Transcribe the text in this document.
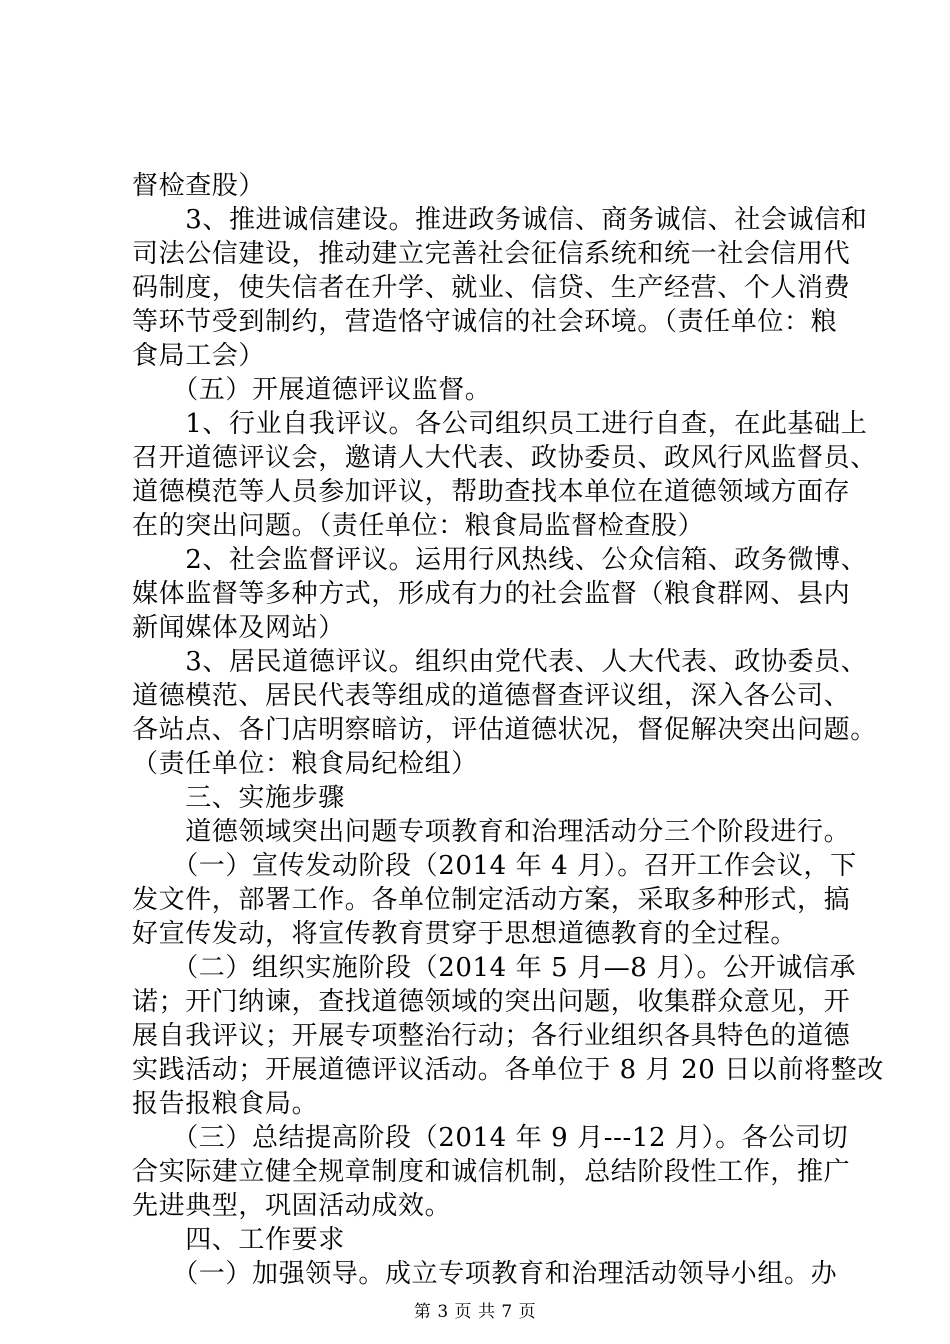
督检查股）
　　3、推进诚信建设。推进政务诚信、商务诚信、社会诚信和
司法公信建设，推动建立完善社会征信系统和统一社会信用代
码制度，使失信者在升学、就业、信贷、生产经营、个人消费
等环节受到制约，营造恪守诚信的社会环境。（责任单位：粮
食局工会）
　　（五）开展道德评议监督。
　　1、行业自我评议。各公司组织员工进行自查，在此基础上
召开道德评议会，邀请人大代表、政协委员、政风行风监督员、
道德模范等人员参加评议，帮助查找本单位在道德领域方面存
在的突出问题。（责任单位：粮食局监督检查股）
　　2、社会监督评议。运用行风热线、公众信箱、政务微博、
媒体监督等多种方式，形成有力的社会监督（粮食群网、县内
新闻媒体及网站）
　　3、居民道德评议。组织由党代表、人大代表、政协委员、
道德模范、居民代表等组成的道德督查评议组，深入各公司、
各站点、各门店明察暗访，评估道德状况，督促解决突出问题。
（责任单位：粮食局纪检组）
　　三、实施步骤
　　道德领域突出问题专项教育和治理活动分三个阶段进行。
　　（一）宣传发动阶段（2014 年 4 月）。召开工作会议，下
发文件，部署工作。各单位制定活动方案，采取多种形式，搞
好宣传发动，将宣传教育贯穿于思想道德教育的全过程。
　　（二）组织实施阶段（2014 年 5 月—8 月）。公开诚信承
诺；开门纳谏，查找道德领域的突出问题，收集群众意见，开
展自我评议；开展专项整治行动；各行业组织各具特色的道德
实践活动；开展道德评议活动。各单位于 8 月 20 日以前将整改
报告报粮食局。
　　（三）总结提高阶段（2014 年 9 月---12 月）。各公司切
合实际建立健全规章制度和诚信机制，总结阶段性工作，推广
先进典型，巩固活动成效。
　　四、工作要求
　　（一）加强领导。成立专项教育和治理活动领导小组。办
第 3 页 共 7 页
